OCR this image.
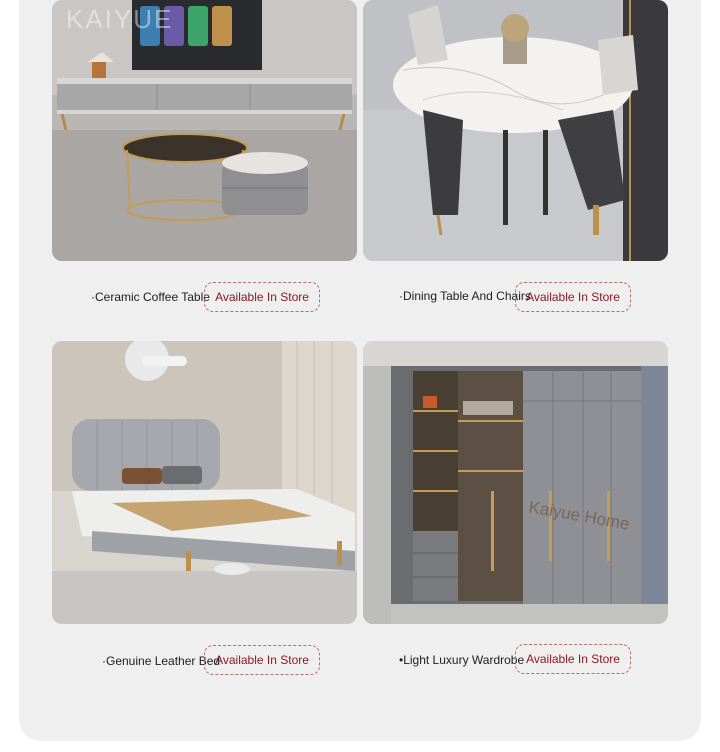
KAIYUE
·Ceramic Coffee Table Available In Store	·Dining Table And Chairs
Available In Store
Kaiyue Home
·Genuine Leather Bed
Available In Store	•Light Luxury Wardrobe Available In Store
